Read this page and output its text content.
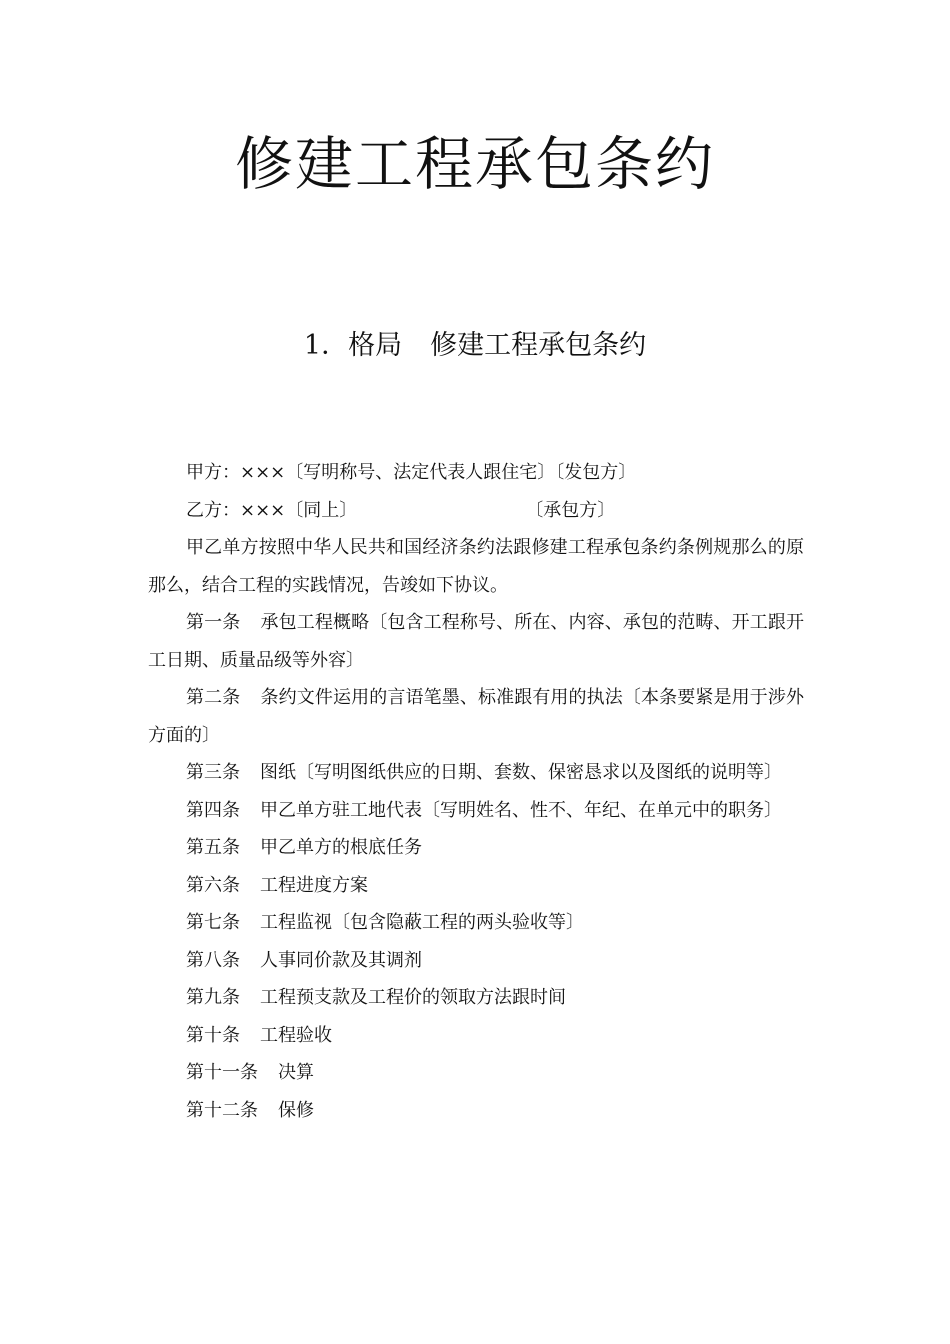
修建工程承包条约
1．格局 修建工程承包条约

甲方：×××〔写明称号、法定代表人跟住宅〕〔发包方〕

乙方：×××〔同上〕	〔承包方〕

甲乙单方按照中华人民共和国经济条约法跟修建工程承包条约条例规那么的原那么，结合工程的实践情况，告竣如下协议。

第一条 承包工程概略〔包含工程称号、所在、内容、承包的范畴、开工跟开工日期、质量品级等外容〕

第二条 条约文件运用的言语笔墨、标准跟有用的执法〔本条要紧是用于涉外方面的〕

第三条 图纸〔写明图纸供应的日期、套数、保密恳求以及图纸的说明等〕

第四条 甲乙单方驻工地代表〔写明姓名、性不、年纪、在单元中的职务〕

第五条 甲乙单方的根底任务

第六条 工程进度方案

第七条 工程监视〔包含隐蔽工程的两头验收等〕

第八条 人事同价款及其调剂

第九条 工程预支款及工程价的领取方法跟时间

第十条 工程验收

第十一条 决算

第十二条 保修
